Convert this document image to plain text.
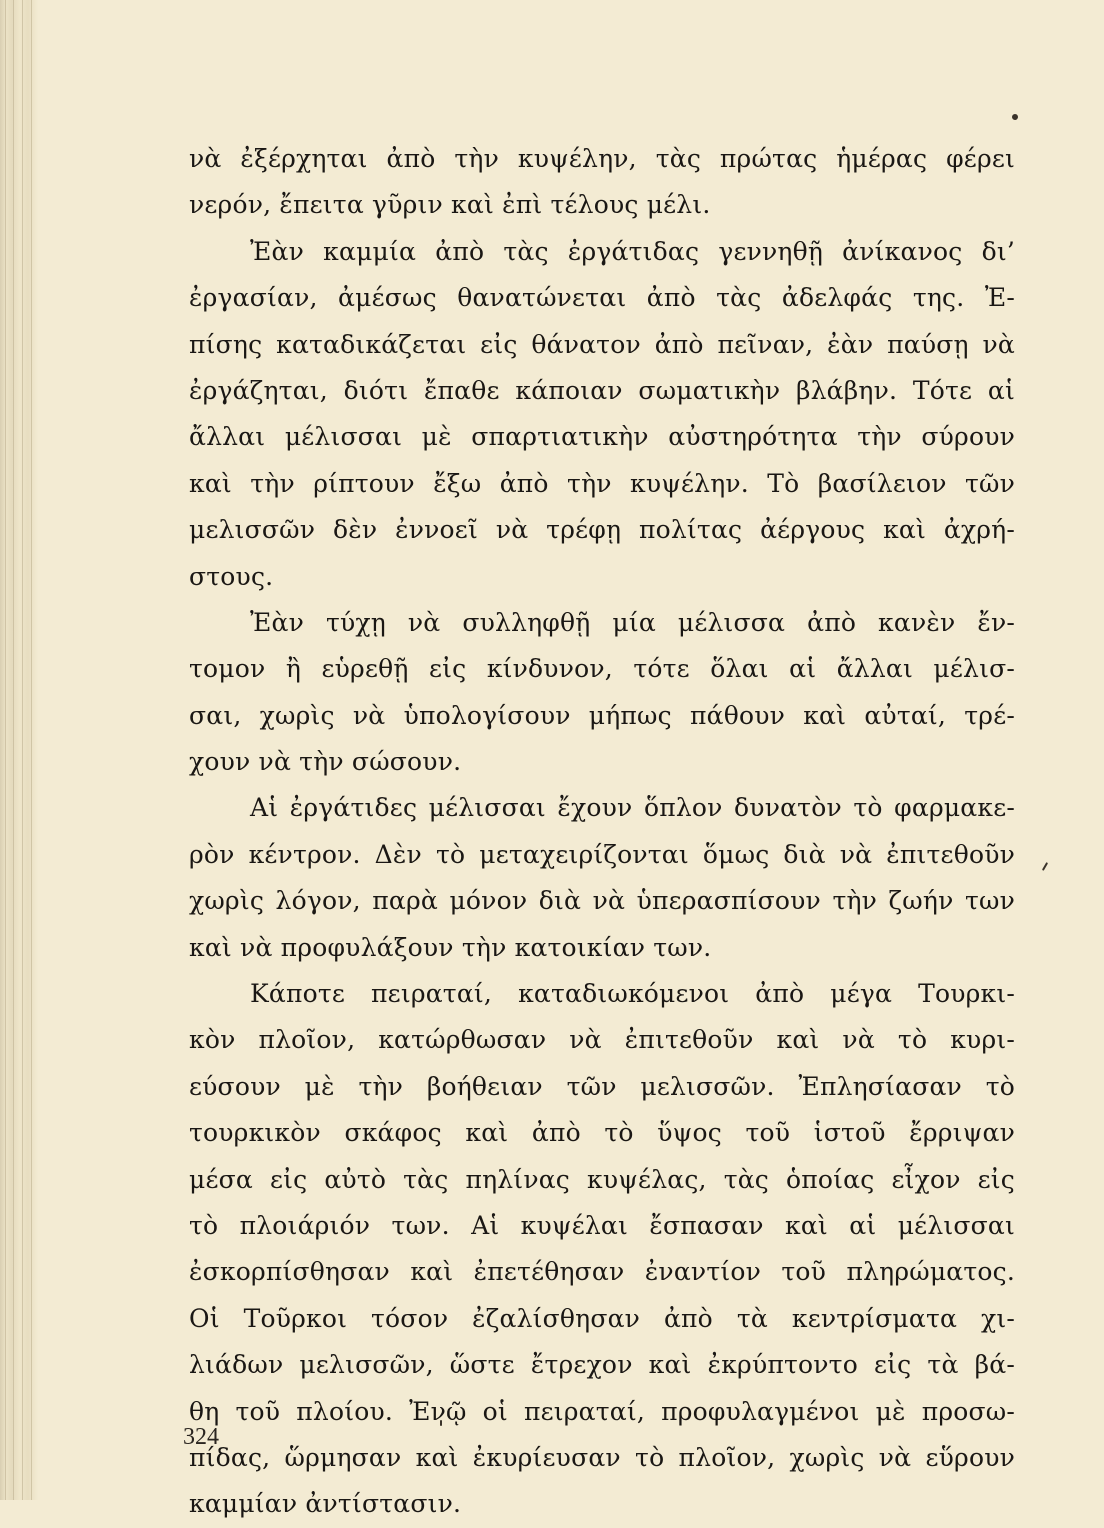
νὰ ἐξέρχηται ἀπὸ τὴν κυψέλην, τὰς πρώτας ἡμέρας φέρει
νερόν, ἔπειτα γῦριν καὶ ἐπὶ τέλους μέλι.
Ἐὰν καμμία ἀπὸ τὰς ἐργάτιδας γεννηθῇ ἀνίκανος δι’
ἐργασίαν, ἀμέσως θανατώνεται ἀπὸ τὰς ἀδελφάς της. Ἐ-
πίσης καταδικάζεται εἰς θάνατον ἀπὸ πεῖναν, ἐὰν παύσῃ νὰ
ἐργάζηται, διότι ἔπαθε κάποιαν σωματικὴν βλάβην. Τότε αἱ
ἄλλαι μέλισσαι μὲ σπαρτιατικὴν αὐστηρότητα τὴν σύρουν
καὶ τὴν ρίπτουν ἔξω ἀπὸ τὴν κυψέλην. Τὸ βασίλειον τῶν
μελισσῶν δὲν ἐννοεῖ νὰ τρέφῃ πολίτας ἀέργους καὶ ἀχρή-
στους.
Ἐὰν τύχῃ νὰ συλληφθῇ μία μέλισσα ἀπὸ κανὲν ἔν-
τομον ἢ εὑρεθῇ εἰς κίνδυνον, τότε ὅλαι αἱ ἄλλαι μέλισ-
σαι, χωρὶς νὰ ὑπολογίσουν μήπως πάθουν καὶ αὐταί, τρέ-
χουν νὰ τὴν σώσουν.
Αἱ ἐργάτιδες μέλισσαι ἔχουν ὅπλον δυνατὸν τὸ φαρμακε-
ρὸν κέντρον. Δὲν τὸ μεταχειρίζονται ὅμως διὰ νὰ ἐπιτεθοῦν
χωρὶς λόγον, παρὰ μόνον διὰ νὰ ὑπερασπίσουν τὴν ζωήν των
καὶ νὰ προφυλάξουν τὴν κατοικίαν των.
Κάποτε πειραταί, καταδιωκόμενοι ἀπὸ μέγα Τουρκι-
κὸν πλοῖον, κατώρθωσαν νὰ ἐπιτεθοῦν καὶ νὰ τὸ κυρι-
εύσουν μὲ τὴν βοήθειαν τῶν μελισσῶν. Ἐπλησίασαν τὸ
τουρκικὸν σκάφος καὶ ἀπὸ τὸ ὕψος τοῦ ἱστοῦ ἔρριψαν
μέσα εἰς αὐτὸ τὰς πηλίνας κυψέλας, τὰς ὁποίας εἶχον εἰς
τὸ πλοιάριόν των. Αἱ κυψέλαι ἔσπασαν καὶ αἱ μέλισσαι
ἐσκορπίσθησαν καὶ ἐπετέθησαν ἐναντίον τοῦ πληρώματος.
Οἱ Τοῦρκοι τόσον ἐζαλίσθησαν ἀπὸ τὰ κεντρίσματα χι-
λιάδων μελισσῶν, ὥστε ἔτρεχον καὶ ἐκρύπτοντο εἰς τὰ βά-
θη τοῦ πλοίου. Ἐνῷ οἱ πειραταί, προφυλαγμένοι μὲ προσω-
πίδας, ὥρμησαν καὶ ἐκυρίευσαν τὸ πλοῖον, χωρὶς νὰ εὕρουν
καμμίαν ἀντίστασιν.
324
